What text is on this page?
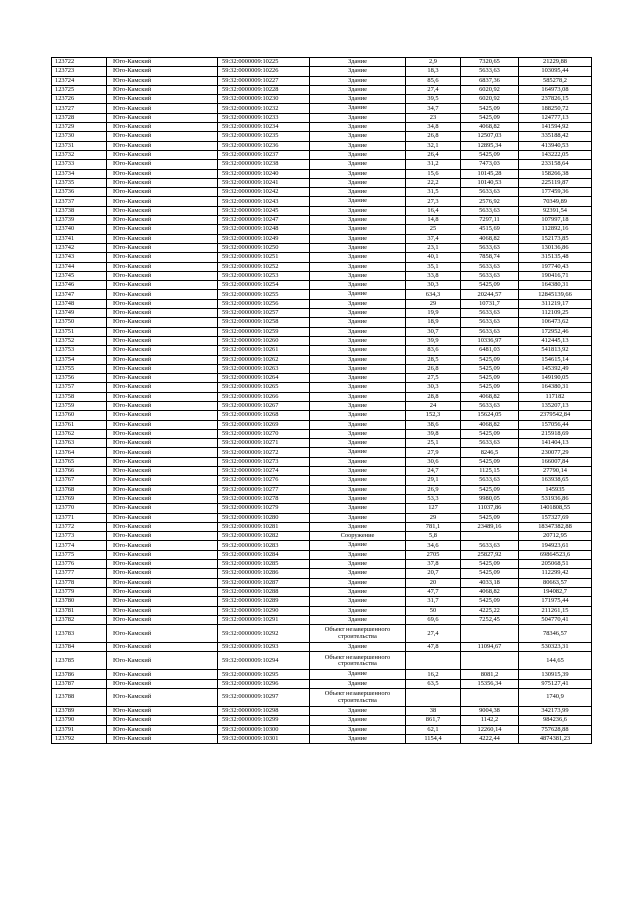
123722	Юго-Камский	59:32:0000009:10225	Здание	2,9	7320,65	21229,88
123723	Юго-Камский	59:32:0000009:10226	Здание	18,3	5633,63	103095,44
123724	Юго-Камский	59:32:0000009:10227	Здание	85,6	6837,36	585278,2
123725	Юго-Камский	59:32:0000009:10228	Здание	27,4	6020,92	164973,08
123726	Юго-Камский	59:32:0000009:10230	Здание	39,5	6020,92	237826,15
123727	Юго-Камский	59:32:0000009:10232	Здание	34,7	5425,09	188250,72
123728	Юго-Камский	59:32:0000009:10233	Здание	23	5425,09	124777,13
123729	Юго-Камский	59:32:0000009:10234	Здание	34,8	4068,82	141594,92
123730	Юго-Камский	59:32:0000009:10235	Здание	26,8	12507,03	335188,42
123731	Юго-Камский	59:32:0000009:10236	Здание	32,1	12895,34	413940,53
123732	Юго-Камский	59:32:0000009:10237	Здание	26,4	5425,09	143222,05
123733	Юго-Камский	59:32:0000009:10238	Здание	31,2	7473,03	233158,64
123734	Юго-Камский	59:32:0000009:10240	Здание	15,6	10145,28	158266,38
123735	Юго-Камский	59:32:0000009:10241	Здание	22,2	10140,53	225119,87
123736	Юго-Камский	59:32:0000009:10242	Здание	31,5	5633,63	177459,36
123737	Юго-Камский	59:32:0000009:10243	Здание	27,3	2576,92	70349,89
123738	Юго-Камский	59:32:0000009:10245	Здание	16,4	5633,63	92391,54
123739	Юго-Камский	59:32:0000009:10247	Здание	14,8	7297,11	107997,18
123740	Юго-Камский	59:32:0000009:10248	Здание	25	4515,69	112892,16
123741	Юго-Камский	59:32:0000009:10249	Здание	37,4	4068,82	152173,85
123742	Юго-Камский	59:32:0000009:10250	Здание	23,1	5633,63	130136,86
123743	Юго-Камский	59:32:0000009:10251	Здание	40,1	7858,74	315135,48
123744	Юго-Камский	59:32:0000009:10252	Здание	35,1	5633,63	197740,43
123745	Юго-Камский	59:32:0000009:10253	Здание	33,8	5633,63	190416,71
123746	Юго-Камский	59:32:0000009:10254	Здание	30,3	5425,09	164380,31
123747	Юго-Камский	59:32:0000009:10255	Здание	634,3	20244,57	12845139,66
123748	Юго-Камский	59:32:0000009:10256	Здание	29	10731,7	311219,17
123749	Юго-Камский	59:32:0000009:10257	Здание	19,9	5633,63	112109,25
123750	Юго-Камский	59:32:0000009:10258	Здание	18,9	5633,63	106473,62
123751	Юго-Камский	59:32:0000009:10259	Здание	30,7	5633,63	172952,46
123752	Юго-Камский	59:32:0000009:10260	Здание	39,9	10336,97	412445,13
123753	Юго-Камский	59:32:0000009:10261	Здание	83,6	6481,03	541813,92
123754	Юго-Камский	59:32:0000009:10262	Здание	28,5	5425,09	154615,14
123755	Юго-Камский	59:32:0000009:10263	Здание	26,8	5425,09	145392,49
123756	Юго-Камский	59:32:0000009:10264	Здание	27,5	5425,09	149190,05
123757	Юго-Камский	59:32:0000009:10265	Здание	30,3	5425,09	164380,31
123758	Юго-Камский	59:32:0000009:10266	Здание	28,8	4068,82	117182
123759	Юго-Камский	59:32:0000009:10267	Здание	24	5633,63	135207,13
123760	Юго-Камский	59:32:0000009:10268	Здание	152,3	15624,05	2379542,84
123761	Юго-Камский	59:32:0000009:10269	Здание	38,6	4068,82	157056,44
123762	Юго-Камский	59:32:0000009:10270	Здание	39,8	5425,09	215918,69
123763	Юго-Камский	59:32:0000009:10271	Здание	25,1	5633,63	141404,13
123764	Юго-Камский	59:32:0000009:10272	Здание	27,9	8246,5	230077,29
123765	Юго-Камский	59:32:0000009:10273	Здание	30,6	5425,09	166007,84
123766	Юго-Камский	59:32:0000009:10274	Здание	24,7	1125,15	27790,14
123767	Юго-Камский	59:32:0000009:10276	Здание	29,1	5633,63	163938,65
123768	Юго-Камский	59:32:0000009:10277	Здание	26,9	5425,09	145935
123769	Юго-Камский	59:32:0000009:10278	Здание	53,3	9980,05	531936,86
123770	Юго-Камский	59:32:0000009:10279	Здание	127	11037,86	1401808,55
123771	Юго-Камский	59:32:0000009:10280	Здание	29	5425,09	157327,69
123772	Юго-Камский	59:32:0000009:10281	Здание	781,1	23489,16	18347382,88
123773	Юго-Камский	59:32:0000009:10282	Сооружение	5,8		20712,95
123774	Юго-Камский	59:32:0000009:10283	Здание	34,6	5633,63	194923,61
123775	Юго-Камский	59:32:0000009:10284	Здание	2705	25827,92	69864523,6
123776	Юго-Камский	59:32:0000009:10285	Здание	37,8	5425,09	205068,51
123777	Юго-Камский	59:32:0000009:10286	Здание	20,7	5425,09	112299,42
123778	Юго-Камский	59:32:0000009:10287	Здание	20	4033,18	80663,57
123779	Юго-Камский	59:32:0000009:10288	Здание	47,7	4068,82	194082,7
123780	Юго-Камский	59:32:0000009:10289	Здание	31,7	5425,09	171975,44
123781	Юго-Камский	59:32:0000009:10290	Здание	50	4225,22	211261,15
123782	Юго-Камский	59:32:0000009:10291	Здание	69,6	7252,45	504770,41
123783	Юго-Камский	59:32:0000009:10292	Объект незавершенного строительства	27,4		78346,57
123784	Юго-Камский	59:32:0000009:10293	Здание	47,8	11094,67	530323,31
123785	Юго-Камский	59:32:0000009:10294	Объект незавершенного строительства			144,65
123786	Юго-Камский	59:32:0000009:10295	Здание	16,2	8081,2	130915,39
123787	Юго-Камский	59:32:0000009:10296	Здание	63,5	15356,34	975127,41
123788	Юго-Камский	59:32:0000009:10297	Объект незавершенного строительства			1740,9
123789	Юго-Камский	59:32:0000009:10298	Здание	38	9004,38	342173,99
123790	Юго-Камский	59:32:0000009:10299	Здание	861,7	1142,2	984236,6
123791	Юго-Камский	59:32:0000009:10300	Здание	62,1	12260,14	757628,88
123792	Юго-Камский	59:32:0000009:10301	Здание	1154,4	4222,44	4874381,23
